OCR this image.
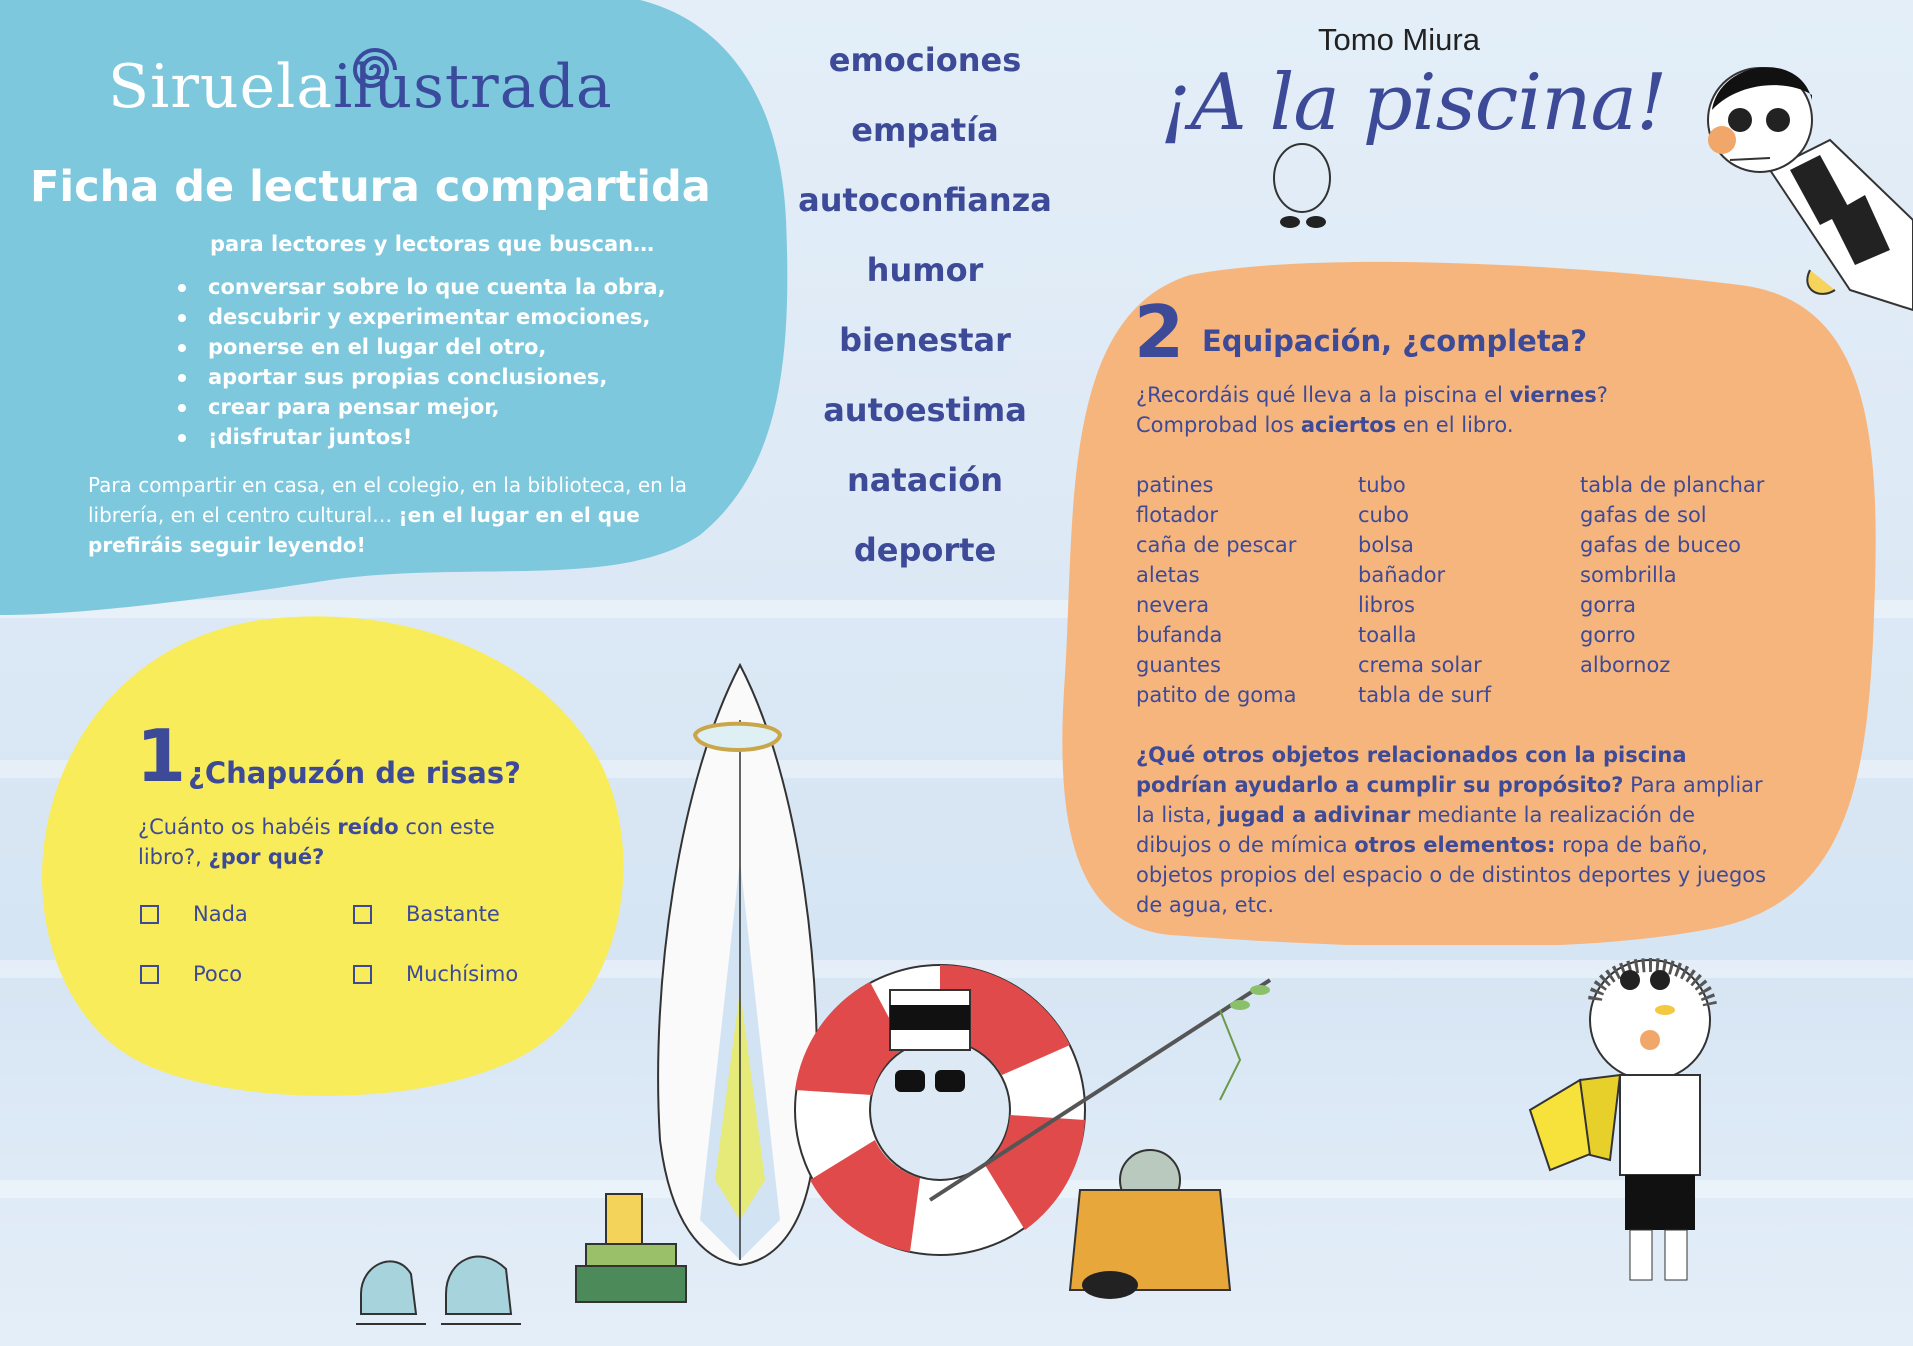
Siruelailustrada
Ficha de lectura compartida
para lectores y lectoras que buscan…
conversar sobre lo que cuenta la obra,
descubrir y experimentar emociones,
ponerse en el lugar del otro,
aportar sus propias conclusiones,
crear para pensar mejor,
¡disfrutar juntos!
Para compartir en casa, en el colegio, en la biblioteca, en la librería, en el centro cultural… ¡en el lugar en el que prefiráis seguir leyendo!
emociones
empatía
autoconfianza
humor
bienestar
autoestima
natación
deporte
Tomo Miura
¡A la piscina!
1 ¿Chapuzón de risas?
¿Cuánto os habéis reído con este libro?, ¿por qué?
Nada	Bastante
Poco	Muchísimo
2 Equipación, ¿completa?
¿Recordáis qué lleva a la piscina el viernes?
Comprobad los aciertos en el libro.
patines	tubo	tabla de planchar
flotador	cubo	gafas de sol
caña de pescar	bolsa	gafas de buceo
aletas	bañador	sombrilla
nevera	libros	gorra
bufanda	toalla	gorro
guantes	crema solar	albornoz
patito de goma	tabla de surf
¿Qué otros objetos relacionados con la piscina podrían ayudarlo a cumplir su propósito? Para ampliar la lista, jugad a adivinar mediante la realización de dibujos o de mímica otros elementos: ropa de baño, objetos propios del espacio o de distintos deportes y juegos de agua, etc.
